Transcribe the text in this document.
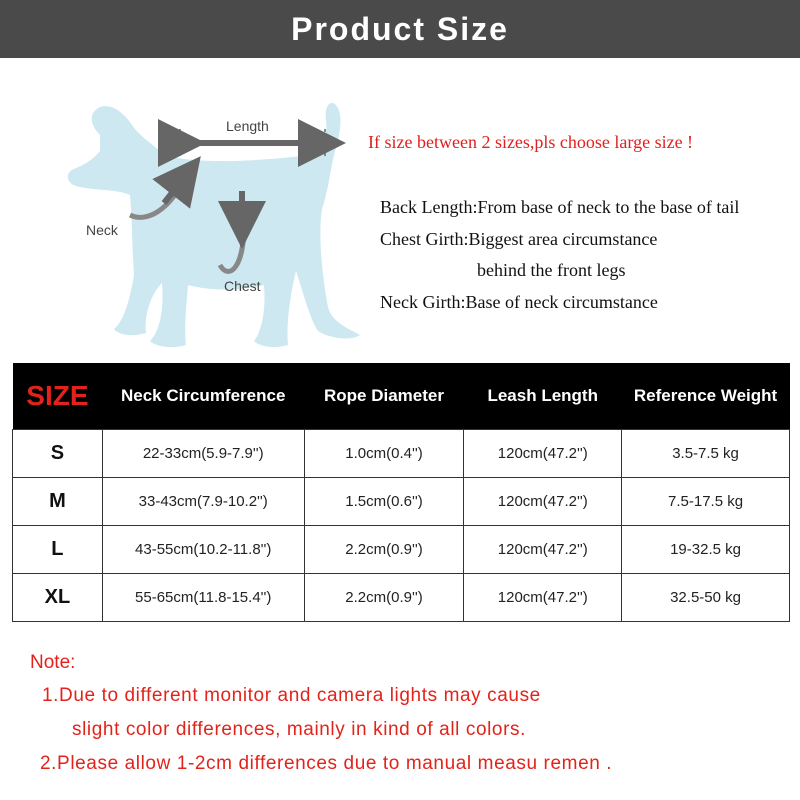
Product Size
Length
Neck
Chest
If size between 2 sizes,pls choose large size !
Back Length:From base of neck to the base of tail
Chest Girth:Biggest area circumstance
behind the front legs
Neck Girth:Base of neck circumstance
SIZE	Neck Circumference	Rope Diameter	Leash Length	Reference Weight
S	22-33cm(5.9-7.9'')	1.0cm(0.4'')	120cm(47.2'')	3.5-7.5 kg
M	33-43cm(7.9-10.2'')	1.5cm(0.6'')	120cm(47.2'')	7.5-17.5 kg
L	43-55cm(10.2-11.8'')	2.2cm(0.9'')	120cm(47.2'')	19-32.5 kg
XL	55-65cm(11.8-15.4'')	2.2cm(0.9'')	120cm(47.2'')	32.5-50 kg
Note:
1.Due to different monitor and camera lights may cause
slight color differences, mainly in kind of all colors.
2.Please allow 1-2cm differences due to manual measu remen .
